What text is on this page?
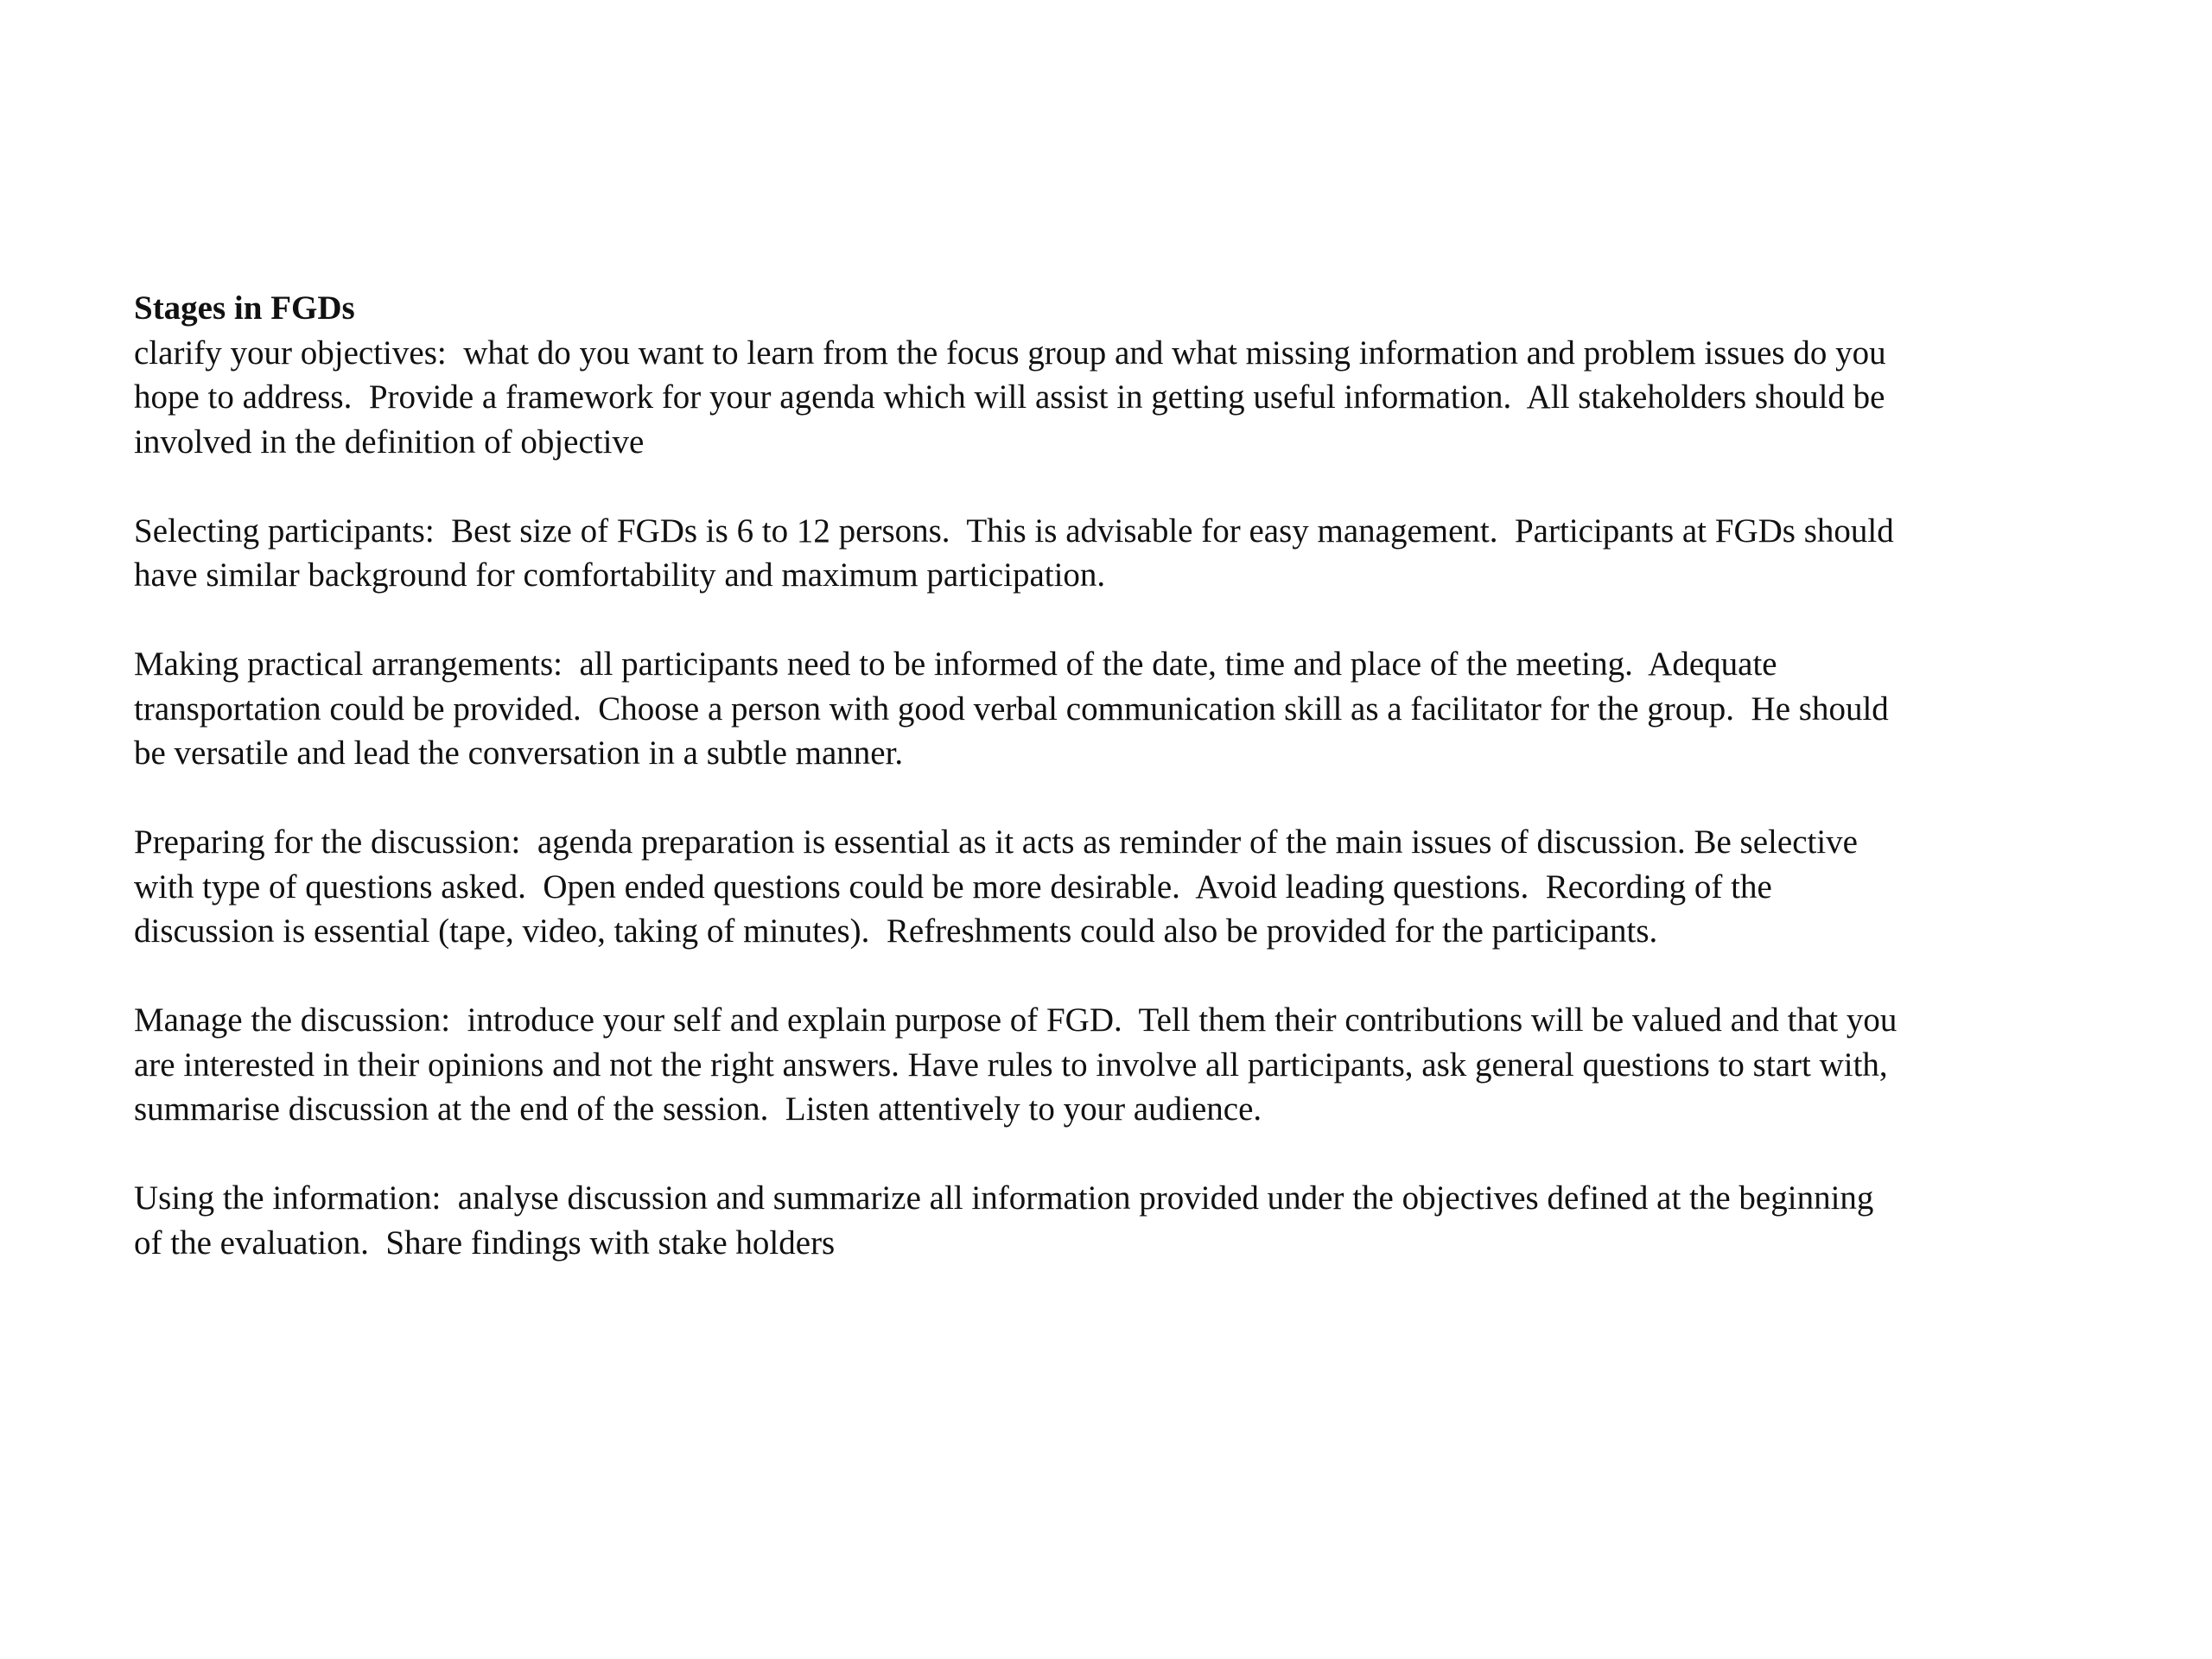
Stages in FGDs
clarify your objectives:  what do you want to learn from the focus group and what missing information and problem issues do you
hope to address.  Provide a framework for your agenda which will assist in getting useful information.  All stakeholders should be
involved in the definition of objective
Selecting participants:  Best size of FGDs is 6 to 12 persons.  This is advisable for easy management.  Participants at FGDs should
have similar background for comfortability and maximum participation.
Making practical arrangements:  all participants need to be informed of the date, time and place of the meeting.  Adequate
transportation could be provided.  Choose a person with good verbal communication skill as a facilitator for the group.  He should
be versatile and lead the conversation in a subtle manner.
Preparing for the discussion:  agenda preparation is essential as it acts as reminder of the main issues of discussion. Be selective
with type of questions asked.  Open ended questions could be more desirable.  Avoid leading questions.  Recording of the
discussion is essential (tape, video, taking of minutes).  Refreshments could also be provided for the participants.
Manage the discussion:  introduce your self and explain purpose of FGD.  Tell them their contributions will be valued and that you
are interested in their opinions and not the right answers. Have rules to involve all participants, ask general questions to start with,
summarise discussion at the end of the session.  Listen attentively to your audience.
Using the information:  analyse discussion and summarize all information provided under the objectives defined at the beginning
of the evaluation.  Share findings with stake holders
